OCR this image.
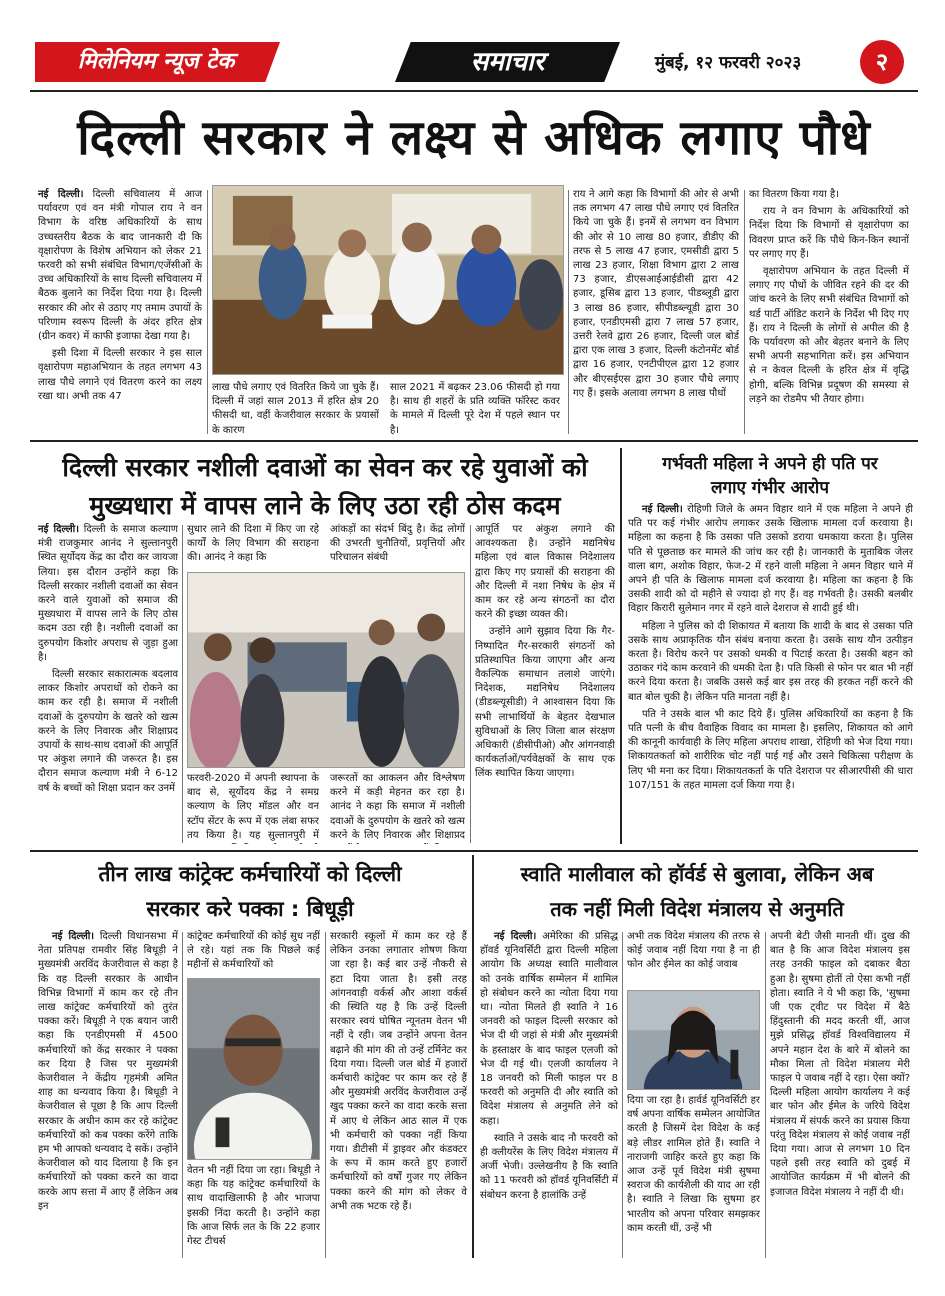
मिलेनियम न्यूज टेक	समाचार	मुंबई, १२ फरवरी २०२३	२
दिल्ली सरकार ने लक्ष्य से अधिक लगाए पौधे

नई दिल्ली। दिल्ली सचिवालय में आज पर्यावरण एवं वन मंत्री गोपाल राय ने वन विभाग के वरिष्ठ अधिकारियों के साथ उच्चस्तरीय बैठक के बाद जानकारी दी कि वृक्षारोपण के विशेष अभियान को लेकर 21 फरवरी को सभी संबंधित विभाग/एजेंसीओं के उच्च अधिकारियों के साथ दिल्ली सचिवालय में बैठक बुलाने का निर्देश दिया गया है। दिल्ली सरकार की ओर से उठाए गए तमाम उपायों के परिणाम स्वरूप दिल्ली के अंदर हरित क्षेत्र (ग्रीन कवर) में काफी इजाफा देखा गया है।

इसी दिशा में दिल्ली सरकार ने इस साल वृक्षारोपण महाअभियान के तहत लगभग 43 लाख पौधे लगाने एवं वितरण करने का लक्ष्य रखा था। अभी तक 47

लाख पौधे लगाए एवं वितरित किये जा चुके हैं। दिल्ली में जहां साल 2013 में हरित क्षेत्र 20 फीसदी था, वहीं केजरीवाल सरकार के प्रयासों के कारण
साल 2021 में बढ़कर 23.06 फीसदी हो गया है। साथ ही शहरों के प्रति व्यक्ति फॉरेस्ट कवर के मामले में दिल्ली पूरे देश में पहले स्थान पर है।
राय ने आगे कहा कि विभागों की ओर से अभी तक लगभग 47 लाख पौधे लगाए एवं वितरित किये जा चुके हैं। इनमें से लगभग वन विभाग की ओर से 10 लाख 80 हजार, डीडीए की तरफ से 5 लाख 47 हजार, एमसीडी द्वारा 5 लाख 23 हजार, शिक्षा विभाग द्वारा 2 लाख 73 हजार, डीएसआईआईडीसी द्वारा 42 हजार, डूसिब द्वारा 13 हजार, पीडब्लूडी द्वारा 3 लाख 86 हजार, सीपीडब्ल्यूडी द्वारा 30 हजार, एनडीएमसी द्वारा 7 लाख 57 हजार, उत्तरी रेलवे द्वारा 26 हजार, दिल्ली जल बोर्ड द्वारा एक लाख 3 हजार, दिल्ली कंटोनमेंट बोर्ड द्वारा 16 हजार, एनटीपीएल द्वारा 12 हजार और बीएसईएस द्वारा 30 हजार पौधे लगाए गए हैं। इसके अलावा लगभग 8 लाख पौधों

का वितरण किया गया है।

राय ने वन विभाग के अधिकारियों को निर्देश दिया कि विभागों से वृक्षारोपण का विवरण प्राप्त करें कि पौधे किन-किन स्थानों पर लगाए गए हैं।

वृक्षारोपण अभियान के तहत दिल्ली में लगाए गए पौधों के जीवित रहने की दर की जांच करने के लिए सभी संबंधित विभागों को थर्ड पार्टी ऑडिट कराने के निर्देश भी दिए गए हैं। राय ने दिल्ली के लोगों से अपील की है कि पर्यावरण को और बेहतर बनाने के लिए सभी अपनी सहभागिता करें। इस अभियान से न केवल दिल्ली के हरित क्षेत्र में वृद्धि होगी, बल्कि विभिन्न प्रदूषण की समस्या से लड़ने का रोडमैप भी तैयार होगा।

दिल्ली सरकार नशीली दवाओं का सेवन कर रहे युवाओं को
मुख्यधारा में वापस लाने के लिए उठा रही ठोस कदम

नई दिल्ली। दिल्ली के समाज कल्याण मंत्री राजकुमार आनंद ने सुल्तानपुरी स्थित सूर्योदय केंद्र का दौरा कर जायजा लिया। इस दौरान उन्होंने कहा कि दिल्ली सरकार नशीली दवाओं का सेवन करने वाले युवाओं को समाज की मुख्यधारा में वापस लाने के लिए ठोस कदम उठा रही है। नशीली दवाओं का दुरुपयोग किशोर अपराध से जुड़ा हुआ है।

दिल्ली सरकार सकारात्मक बदलाव लाकर किशोर अपराधों को रोकने का काम कर रही है। समाज में नशीली दवाओं के दुरुपयोग के खतरे को खत्म करने के लिए निवारक और शिक्षाप्रद उपायों के साथ-साथ दवाओं की आपूर्ति पर अंकुश लगाने की जरूरत है। इस दौरान समाज कल्याण मंत्री ने 6-12 वर्ष के बच्चों को शिक्षा प्रदान कर उनमें

सुधार लाने की दिशा में किए जा रहे कार्यों के लिए विभाग की सराहना की। आनंद ने कहा कि
आंकड़ों का संदर्भ बिंदु है। केंद्र लोगों की उभरती चुनौतियों, प्रवृत्तियों और परिचालन संबंधी
फरवरी-2020 में अपनी स्थापना के बाद से, सूर्योदय केंद्र ने समग्र कल्याण के लिए मॉडल और वन स्टॉप सेंटर के रूप में एक लंबा सफर तय किया है। यह सुल्तानपुरी में
जरूरतों का आकलन और विश्लेषण करने में कड़ी मेहनत कर रहा है। आनंद ने कहा कि समाज में नशीली दवाओं के दुरुपयोग के खतरे को खत्म करने के लिए निवारक और शिक्षाप्रद

आपूर्ति पर अंकुश लगाने की आवश्यकता है। उन्होंने मद्यनिषेध महिला एवं बाल विकास निदेशालय द्वारा किए गए प्रयासों की सराहना की और दिल्ली में नशा निषेध के क्षेत्र में काम कर रहे अन्य संगठनों का दौरा करने की इच्छा व्यक्त की।

उन्होंने आगे सुझाव दिया कि गैर-निष्पादित गैर-सरकारी संगठनों को प्रतिस्थापित किया जाएगा और अन्य वैकल्पिक समाधान तलाशे जाएंगे। निदेशक, मद्यनिषेध निदेशालय (डीडब्ल्यूसीडी) ने आश्वासन दिया कि सभी लाभार्थियों के बेहतर देखभाल सुविधाओं के लिए जिला बाल संरक्षण अधिकारी (डीसीपीओ) और आंगनवाड़ी कार्यकर्ताओं/पर्यवेक्षकों के साथ एक लिंक स्थापित किया जाएगा।

गर्भवती महिला ने अपने ही पति पर
लगाए गंभीर आरोप

नई दिल्ली। रोहिणी जिले के अमन विहार थाने में एक महिला ने अपने ही पति पर कई गंभीर आरोप लगाकर उसके खिलाफ मामला दर्ज करवाया है। महिला का कहना है कि उसका पति उसको डराया धमकाया करता है। पुलिस पति से पूछताछ कर मामले की जांच कर रही है। जानकारी के मुताबिक जेलर वाला बाग, अशोक विहार, फेज-2 में रहने वाली महिला ने अमन विहार थाने में अपने ही पति के खिलाफ मामला दर्ज करवाया है। महिला का कहना है कि उसकी शादी को दो महीने से ज्यादा हो गए हैं। वह गर्भवती है। उसकी बलबीर विहार किरारी सुलेमान नगर में रहने वाले देशराज से शादी हुई थी।

महिला ने पुलिस को दी शिकायत में बताया कि शादी के बाद से उसका पति उसके साथ अप्राकृतिक यौन संबंध बनाया करता है। उसके साथ यौन उत्पीड़न करता है। विरोध करने पर उसको धमकी व पिटाई करता है। उसकी बहन को उठाकर गंदे काम करवाने की धमकी देता है। पति किसी से फोन पर बात भी नहीं करने दिया करता है। जबकि उससे कई बार इस तरह की हरकत नहीं करने की बात बोल चुकी है। लेकिन पति मानता नहीं है।

पति ने उसके बाल भी काट दिये हैं। पुलिस अधिकारियों का कहना है कि पति पत्नी के बीच वैवाहिक विवाद का मामला है। इसलिए, शिकायत को आगे की कानूनी कार्यवाही के लिए महिला अपराध शाखा, रोहिणी को भेज दिया गया। शिकायतकर्ता को शारीरिक चोट नहीं पाई गई और उसने चिकित्सा परीक्षण के लिए भी मना कर दिया। शिकायतकर्ता के पति देशराज पर सीआरपीसी की धारा 107/151 के तहत मामला दर्ज किया गया है।

तीन लाख कांट्रेक्ट कर्मचारियों को दिल्ली
सरकार करे पक्का : बिधूड़ी

नई दिल्ली। दिल्ली विधानसभा में नेता प्रतिपक्ष रामवीर सिंह बिधूड़ी ने मुख्यमंत्री अरविंद केजरीवाल से कहा है कि वह दिल्ली सरकार के आधीन विभिन्न विभागों में काम कर रहे तीन लाख कांट्रेक्ट कर्मचारियों को तुरंत पक्का करें। बिधूड़ी ने एक बयान जारी कहा कि एनडीएमसी में 4500 कर्मचारियों को केंद्र सरकार ने पक्का कर दिया है जिस पर मुख्यमंत्री केजरीवाल ने केंद्रीय गृहमंत्री अमित शाह का धन्यवाद किया है। बिधूड़ी ने केजरीवाल से पूछा है कि आप दिल्ली सरकार के अधीन काम कर रहे कांट्रेक्ट कर्मचारियों को कब पक्का करेंगे ताकि हम भी आपको धन्यवाद दे सकें। उन्होंने केजरीवाल को याद दिलाया है कि इन कर्मचारियों को पक्का करने का वादा करके आप सत्ता में आए हैं लेकिन अब इन

कांट्रेक्ट कर्मचारियों की कोई सुध नहीं ले रहे। यहां तक कि पिछले कई महीनों से कर्मचारियों को
वेतन भी नहीं दिया जा रहा। बिधूड़ी ने कहा कि यह कांट्रेक्ट कर्मचारियों के साथ वादाखिलाफी है और भाजपा इसकी निंदा करती है। उन्होंने कहा कि आज सिर्फ लत के कि 22 हजार गेस्ट टीचर्स
सरकारी स्कूलों में काम कर रहे हैं लेकिन उनका लगातार शोषण किया जा रहा है। कई बार उन्हें नौकरी से हटा दिया जाता है। इसी तरह आंगनवाड़ी वर्कर्स और आशा वर्कर्स की स्थिति यह है कि उन्हें दिल्ली सरकार स्वयं घोषित न्यूनतम वेतन भी नहीं दे रही। जब उन्होंने अपना वेतन बढ़ाने की मांग की तो उन्हें टर्मिनेट कर दिया गया। दिल्ली जल बोर्ड में हजारों कर्मचारी कांट्रेक्ट पर काम कर रहे हैं और मुख्यमंत्री अरविंद केजरीवाल उन्हें खुद पक्का करने का वादा करके सत्ता में आए थे लेकिन आठ साल में एक भी कर्मचारी को पक्का नहीं किया गया। डीटीसी में ड्राइवर और कंडक्टर के रूप में काम करते हुए हजारों कर्मचारियों को वर्षों गुजर गए लेकिन पक्का करने की मांग को लेकर वे अभी तक भटक रहे हैं।
स्वाति मालीवाल को हॉर्वर्ड से बुलावा, लेकिन अब
तक नहीं मिली विदेश मंत्रालय से अनुमति

नई दिल्ली। अमेरिका की प्रसिद्ध हॉवर्ड यूनिवर्सिटी द्वारा दिल्ली महिला आयोग कि अध्यक्ष स्वाति मालीवाल को उनके वार्षिक सम्मेलन में शामिल हो संबोधन करने का न्योता दिया गया था। न्योता मिलते ही स्वाति ने 16 जनवरी को फाइल दिल्ली सरकार को भेज दी थी जहां से मंत्री और मुख्यमंत्री के हस्ताक्षर के बाद फाइल एलजी को भेज दी गई थी। एलजी कार्यालय ने 18 जनवरी को मिली फाइल पर 8 फरवरी को अनुमति दी और स्वाति को विदेश मंत्रालय से अनुमति लेने को कहा।

स्वाति ने उसके बाद नौ फरवरी को ही क्लीयरेंस के लिए विदेश मंत्रालय में अर्जी भेजी। उल्लेखनीय है कि स्वाति को 11 फरवरी को हॉवर्ड यूनिवर्सिटी में संबोधन करना है हालांकि उन्हें

अभी तक विदेश मंत्रालय की तरफ से कोई जवाब नहीं दिया गया है ना ही फोन और ईमेल का कोई जवाब
दिया जा रहा है। हार्वर्ड यूनिवर्सिटी हर वर्ष अपना वार्षिक सम्मेलन आयोजित करती है जिसमें देश विदेश के कई बड़े लीडर शामिल होते हैं। स्वाति ने नाराजगी जाहिर करते हुए कहा कि आज उन्हें पूर्व विदेश मंत्री सुषमा स्वराज की कार्यशैली की याद आ रही है। स्वाति ने लिखा कि सुषमा हर भारतीय को अपना परिवार समझकर काम करती थीं, उन्हें भी
अपनी बेटी जैसी मानती थीं। दुख की बात है कि आज विदेश मंत्रालय इस तरह उनकी फाइल को दबाकर बैठा हुआ है। सुषमा होतीं तो ऐसा कभी नहीं होता। स्वाति ने ये भी कहा कि, 'सुषमा जी एक ट्वीट पर विदेश में बैठे हिंदुस्तानी की मदद करती थीं, आज मुझे प्रसिद्ध हॉवर्ड विश्वविद्यालय में अपने महान देश के बारे में बोलने का मौका मिला तो विदेश मंत्रालय मेरी फाइल पे जवाब नहीं दे रहा। ऐसा क्यों? दिल्ली महिला आयोग कार्यालय ने कई बार फोन और ईमेल के जरिये विदेश मंत्रालय में संपर्क करने का प्रयास किया परंतु विदेश मंत्रालय से कोई जवाब नहीं दिया गया। आज से लगभग 10 दिन पहले इसी तरह स्वाति को दुबई में आयोजित कार्यक्रम में भी बोलने की इजाजत विदेश मंत्रालय ने नहीं दी थी।
